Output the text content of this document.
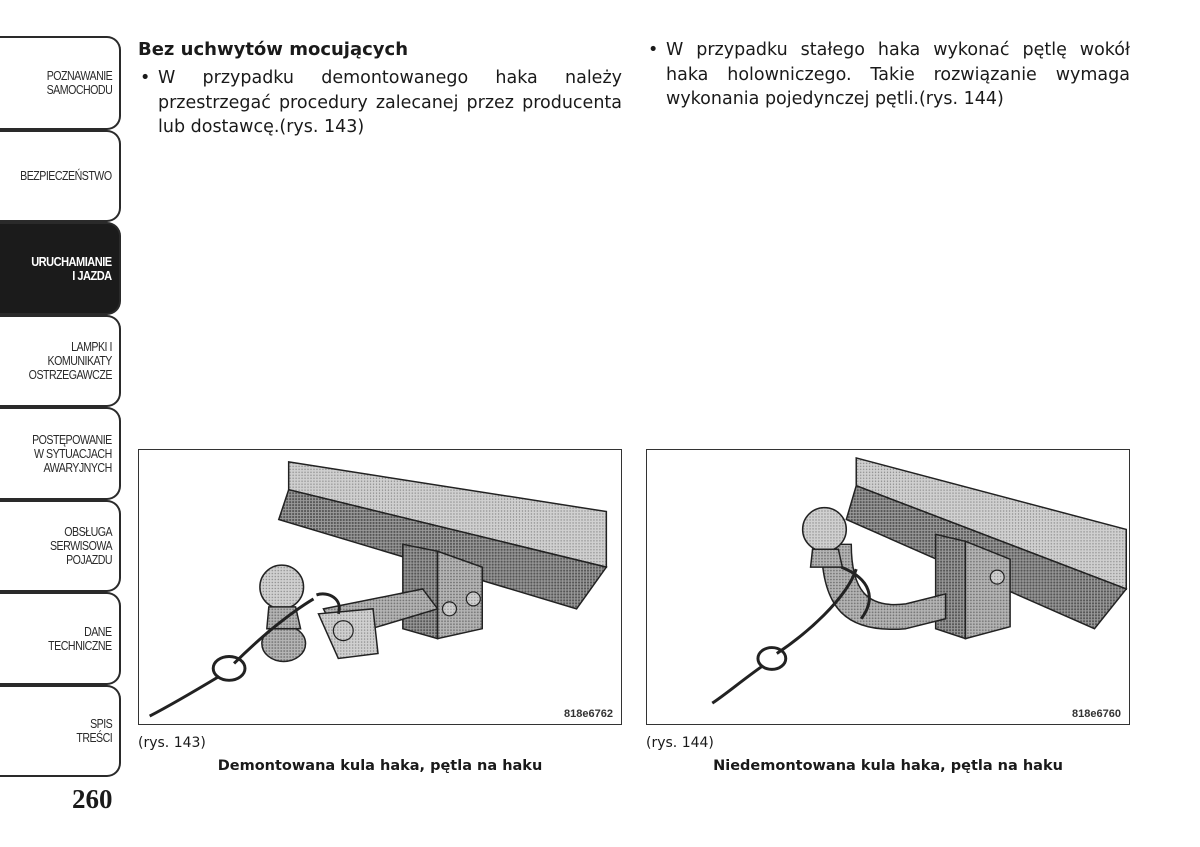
POZNAWANIE
SAMOCHODU
BEZPIECZEŃSTWO
URUCHAMIANIE
I JAZDA
LAMPKI I
KOMUNIKATY
OSTRZEGAWCZE
POSTĘPOWANIE
W SYTUACJACH
AWARYJNYCH
OBSŁUGA
SERWISOWA
POJAZDU
DANE
TECHNICZNE
SPIS
TREŚCI
260
Bez uchwytów mocujących
• W przypadku demontowanego haka należy przestrzegać procedury zalecanej przez producenta lub dostawcę.(rys. 143)
• W przypadku stałego haka wykonać pętlę wokół haka holowniczego. Takie rozwiązanie wymaga wykonania pojedynczej pętli.(rys. 144)
818e6762
(rys. 143)
Demontowana kula haka, pętla na haku
818e6760
(rys. 144)
Niedemontowana kula haka, pętla na haku
